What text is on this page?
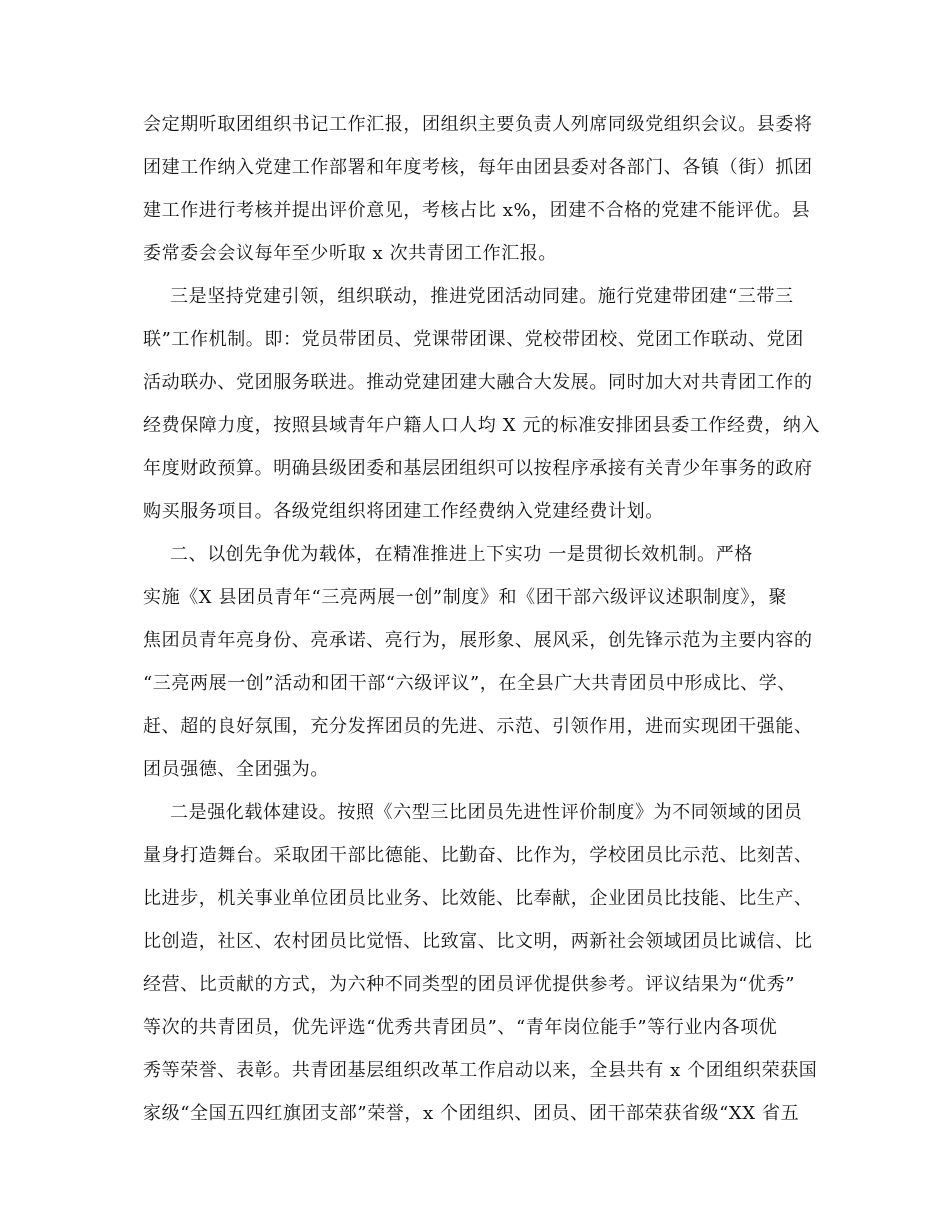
会定期听取团组织书记工作汇报，团组织主要负责人列席同级党组织会议。县委将
团建工作纳入党建工作部署和年度考核，每年由团县委对各部门、各镇（街）抓团
建工作进行考核并提出评价意见，考核占比 x%，团建不合格的党建不能评优。县
委常委会会议每年至少听取 x 次共青团工作汇报。
三是坚持党建引领，组织联动，推进党团活动同建。施行党建带团建“三带三
联”工作机制。即：党员带团员、党课带团课、党校带团校、党团工作联动、党团
活动联办、党团服务联进。推动党建团建大融合大发展。同时加大对共青团工作的
经费保障力度，按照县域青年户籍人口人均 X 元的标准安排团县委工作经费，纳入
年度财政预算。明确县级团委和基层团组织可以按程序承接有关青少年事务的政府
购买服务项目。各级党组织将团建工作经费纳入党建经费计划。
二、以创先争优为载体，在精准推进上下实功 一是贯彻长效机制。严格
实施《X 县团员青年“三亮两展一创”制度》和《团干部六级评议述职制度》，聚
焦团员青年亮身份、亮承诺、亮行为，展形象、展风采，创先锋示范为主要内容的
“三亮两展一创”活动和团干部“六级评议”，在全县广大共青团员中形成比、学、
赶、超的良好氛围，充分发挥团员的先进、示范、引领作用，进而实现团干强能、
团员强德、全团强为。
二是强化载体建设。按照《六型三比团员先进性评价制度》为不同领域的团员
量身打造舞台。采取团干部比德能、比勤奋、比作为，学校团员比示范、比刻苦、
比进步，机关事业单位团员比业务、比效能、比奉献，企业团员比技能、比生产、
比创造，社区、农村团员比觉悟、比致富、比文明，两新社会领域团员比诚信、比
经营、比贡献的方式，为六种不同类型的团员评优提供参考。评议结果为“优秀”
等次的共青团员，优先评选“优秀共青团员”、“青年岗位能手”等行业内各项优
秀等荣誉、表彰。共青团基层组织改革工作启动以来，全县共有 x 个团组织荣获国
家级“全国五四红旗团支部”荣誉，x 个团组织、团员、团干部荣获省级“XX 省五
